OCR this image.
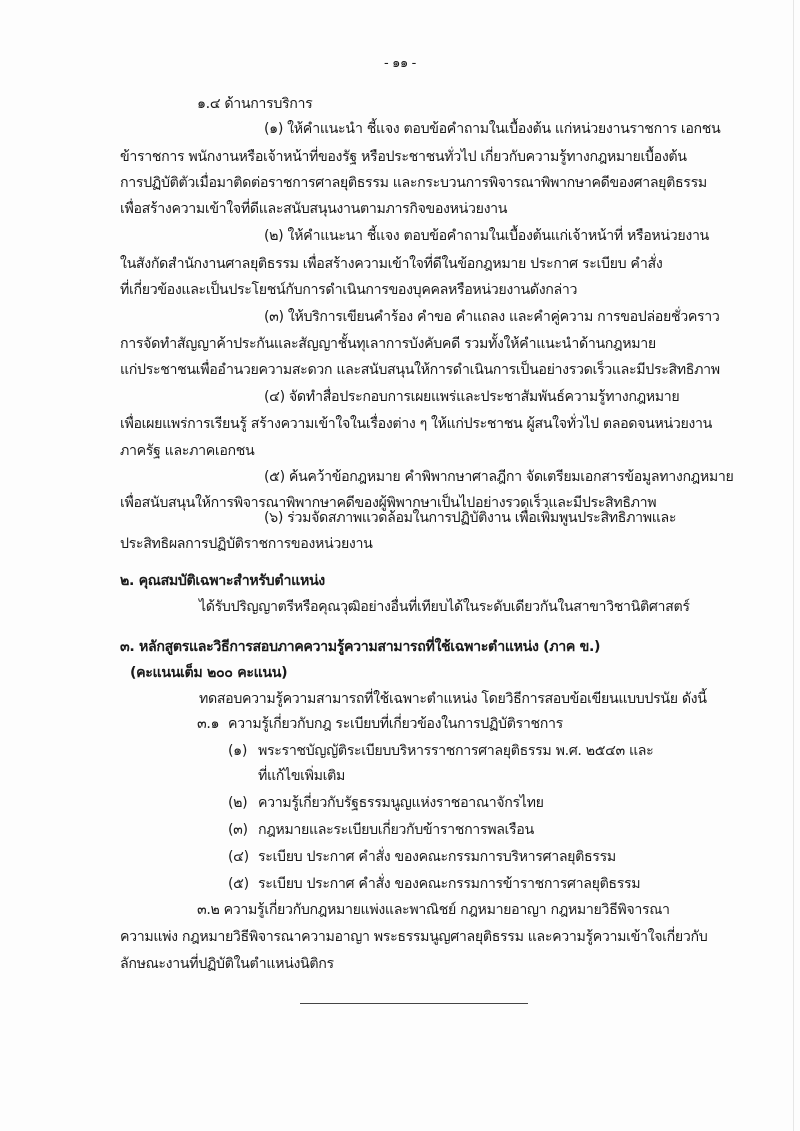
- ๑๑ -
๑.๔ ด้านการบริการ
(๑) ให้คำแนะนำ ชี้แจง ตอบข้อคำถามในเบื้องต้น แก่หน่วยงานราชการ เอกชน
ข้าราชการ พนักงานหรือเจ้าหน้าที่ของรัฐ หรือประชาชนทั่วไป เกี่ยวกับความรู้ทางกฎหมายเบื้องต้น
การปฏิบัติตัวเมื่อมาติดต่อราชการศาลยุติธรรม และกระบวนการพิจารณาพิพากษาคดีของศาลยุติธรรม
เพื่อสร้างความเข้าใจที่ดีและสนับสนุนงานตามภารกิจของหน่วยงาน
(๒) ให้คำแนะนา ชี้แจง ตอบข้อคำถามในเบื้องต้นแก่เจ้าหน้าที่ หรือหน่วยงาน
ในสังกัดสำนักงานศาลยุติธรรม เพื่อสร้างความเข้าใจที่ดีในข้อกฎหมาย ประกาศ ระเบียบ คำสั่ง
ที่เกี่ยวข้องและเป็นประโยชน์กับการดำเนินการของบุคคลหรือหน่วยงานดังกล่าว
(๓) ให้บริการเขียนคำร้อง คำขอ คำแถลง และคำคู่ความ การขอปล่อยชั่วคราว
การจัดทำสัญญาค้าประกันและสัญญาชั้นทุเลาการบังคับคดี รวมทั้งให้คำแนะนำด้านกฎหมาย
แก่ประชาชนเพื่ออำนวยความสะดวก และสนับสนุนให้การดำเนินการเป็นอย่างรวดเร็วและมีประสิทธิภาพ
(๔) จัดทำสื่อประกอบการเผยแพร่และประชาสัมพันธ์ความรู้ทางกฎหมาย
เพื่อเผยแพร่การเรียนรู้ สร้างความเข้าใจในเรื่องต่าง ๆ ให้แก่ประชาชน ผู้สนใจทั่วไป ตลอดจนหน่วยงาน
ภาครัฐ และภาคเอกชน
(๕) ค้นคว้าข้อกฎหมาย คำพิพากษาศาลฎีกา จัดเตรียมเอกสารข้อมูลทางกฎหมาย
เพื่อสนับสนุนให้การพิจารณาพิพากษาคดีของผู้พิพากษาเป็นไปอย่างรวดเร็วและมีประสิทธิภาพ
(๖) ร่วมจัดสภาพแวดล้อมในการปฏิบัติงาน เพื่อเพิ่มพูนประสิทธิภาพและ
ประสิทธิผลการปฏิบัติราชการของหน่วยงาน
๒. คุณสมบัติเฉพาะสำหรับตำแหน่ง
ได้รับปริญญาตรีหรือคุณวุฒิอย่างอื่นที่เทียบได้ในระดับเดียวกันในสาขาวิชานิติศาสตร์
๓. หลักสูตรและวิธีการสอบภาคความรู้ความสามารถที่ใช้เฉพาะตำแหน่ง (ภาค ข.)
(คะแนนเต็ม ๒๐๐ คะแนน)
ทดสอบความรู้ความสามารถที่ใช้เฉพาะตำแหน่ง โดยวิธีการสอบข้อเขียนแบบปรนัย ดังนี้
๓.๑ ความรู้เกี่ยวกับกฎ ระเบียบที่เกี่ยวข้องในการปฏิบัติราชการ
(๑) พระราชบัญญัติระเบียบบริหารราชการศาลยุติธรรม พ.ศ. ๒๕๔๓ และ
ที่แก้ไขเพิ่มเติม
(๒) ความรู้เกี่ยวกับรัฐธรรมนูญแห่งราชอาณาจักรไทย
(๓) กฎหมายและระเบียบเกี่ยวกับข้าราชการพลเรือน
(๔) ระเบียบ ประกาศ คำสั่ง ของคณะกรรมการบริหารศาลยุติธรรม
(๕) ระเบียบ ประกาศ คำสั่ง ของคณะกรรมการข้าราชการศาลยุติธรรม
๓.๒ ความรู้เกี่ยวกับกฎหมายแพ่งและพาณิชย์ กฎหมายอาญา กฎหมายวิธีพิจารณา
ความแพ่ง กฎหมายวิธีพิจารณาความอาญา พระธรรมนูญศาลยุติธรรม และความรู้ความเข้าใจเกี่ยวกับ
ลักษณะงานที่ปฏิบัติในตำแหน่งนิติกร
